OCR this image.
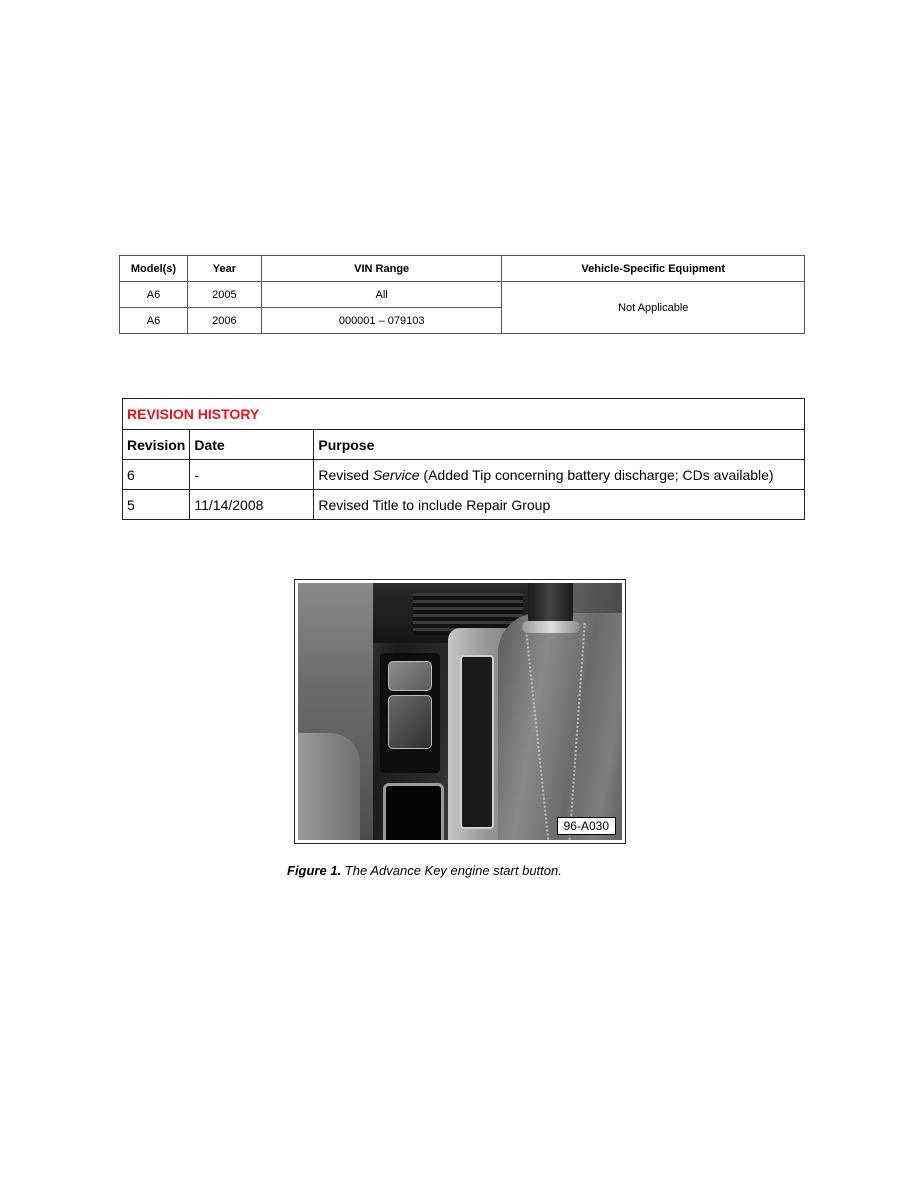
Model(s)	Year	VIN Range	Vehicle-Specific Equipment
A6	2005	All	Not Applicable
A6	2006	000001 – 079103	
REVISION HISTORY		
Revision	Date	Purpose
6	-	Revised Service (Added Tip concerning battery discharge; CDs available)
5	11/14/2008	Revised Title to include Repair Group
96-A030
Figure 1. The Advance Key engine start button.
